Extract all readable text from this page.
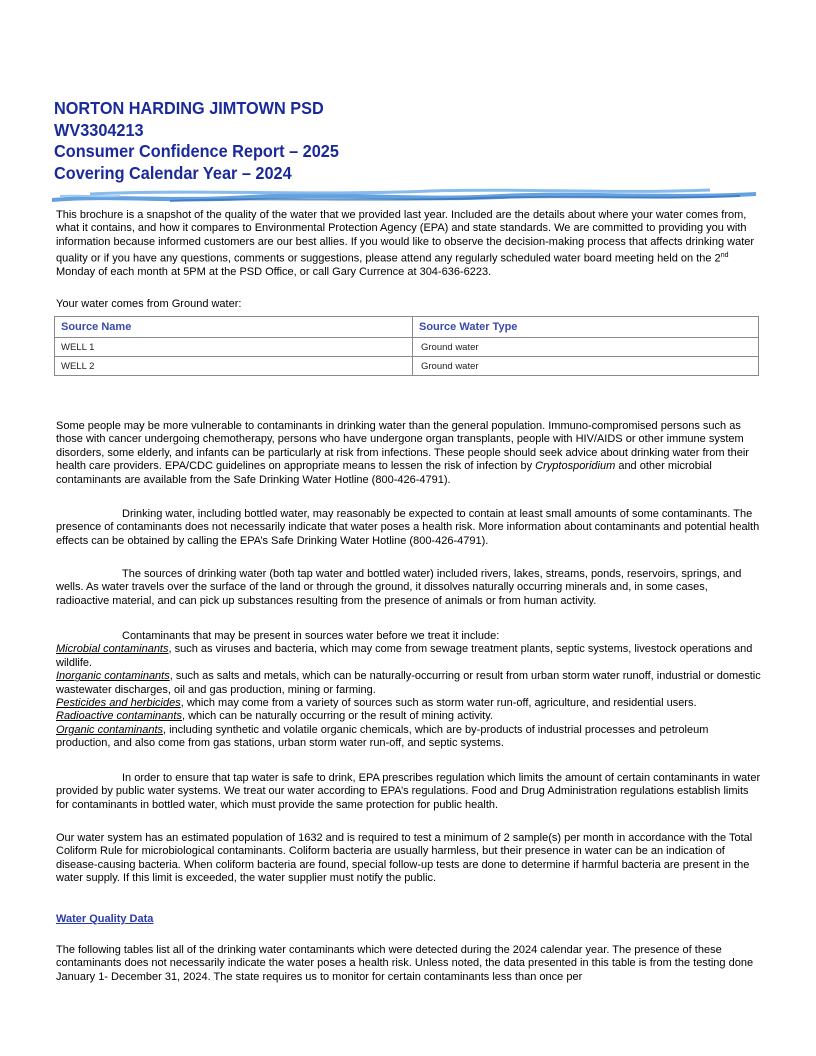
NORTON HARDING JIMTOWN PSD
WV3304213
Consumer Confidence Report – 2025
Covering Calendar Year – 2024

This brochure is a snapshot of the quality of the water that we provided last year. Included are the details about where your water comes from, what it contains, and how it compares to Environmental Protection Agency (EPA) and state standards. We are committed to providing you with information because informed customers are our best allies. If you would like to observe the decision-making process that affects drinking water quality or if you have any questions, comments or suggestions, please attend any regularly scheduled water board meeting held on the 2nd Monday of each month at 5PM at the PSD Office, or call Gary Currence at 304-636-6223.

Your water comes from Ground water:

Source Name	Source Water Type
WELL 1	Ground water
WELL 2	Ground water

Some people may be more vulnerable to contaminants in drinking water than the general population. Immuno-compromised persons such as those with cancer undergoing chemotherapy, persons who have undergone organ transplants, people with HIV/AIDS or other immune system disorders, some elderly, and infants can be particularly at risk from infections. These people should seek advice about drinking water from their health care providers. EPA/CDC guidelines on appropriate means to lessen the risk of infection by Cryptosporidium and other microbial contaminants are available from the Safe Drinking Water Hotline (800-426-4791).

Drinking water, including bottled water, may reasonably be expected to contain at least small amounts of some contaminants. The presence of contaminants does not necessarily indicate that water poses a health risk. More information about contaminants and potential health effects can be obtained by calling the EPA’s Safe Drinking Water Hotline (800-426-4791).

The sources of drinking water (both tap water and bottled water) included rivers, lakes, streams, ponds, reservoirs, springs, and wells. As water travels over the surface of the land or through the ground, it dissolves naturally occurring minerals and, in some cases, radioactive material, and can pick up substances resulting from the presence of animals or from human activity.

Contaminants that may be present in sources water before we treat it include:
Microbial contaminants, such as viruses and bacteria, which may come from sewage treatment plants, septic systems, livestock operations and wildlife.
Inorganic contaminants, such as salts and metals, which can be naturally-occurring or result from urban storm water runoff, industrial or domestic wastewater discharges, oil and gas production, mining or farming.
Pesticides and herbicides, which may come from a variety of sources such as storm water run-off, agriculture, and residential users.
Radioactive contaminants, which can be naturally occurring or the result of mining activity.
Organic contaminants, including synthetic and volatile organic chemicals, which are by-products of industrial processes and petroleum production, and also come from gas stations, urban storm water run-off, and septic systems.

In order to ensure that tap water is safe to drink, EPA prescribes regulation which limits the amount of certain contaminants in water provided by public water systems. We treat our water according to EPA’s regulations. Food and Drug Administration regulations establish limits for contaminants in bottled water, which must provide the same protection for public health.

Our water system has an estimated population of 1632 and is required to test a minimum of 2 sample(s) per month in accordance with the Total Coliform Rule for microbiological contaminants. Coliform bacteria are usually harmless, but their presence in water can be an indication of disease-causing bacteria. When coliform bacteria are found, special follow-up tests are done to determine if harmful bacteria are present in the water supply. If this limit is exceeded, the water supplier must notify the public.

Water Quality Data

The following tables list all of the drinking water contaminants which were detected during the 2024 calendar year. The presence of these contaminants does not necessarily indicate the water poses a health risk. Unless noted, the data presented in this table is from the testing done January 1- December 31, 2024. The state requires us to monitor for certain contaminants less than once per
